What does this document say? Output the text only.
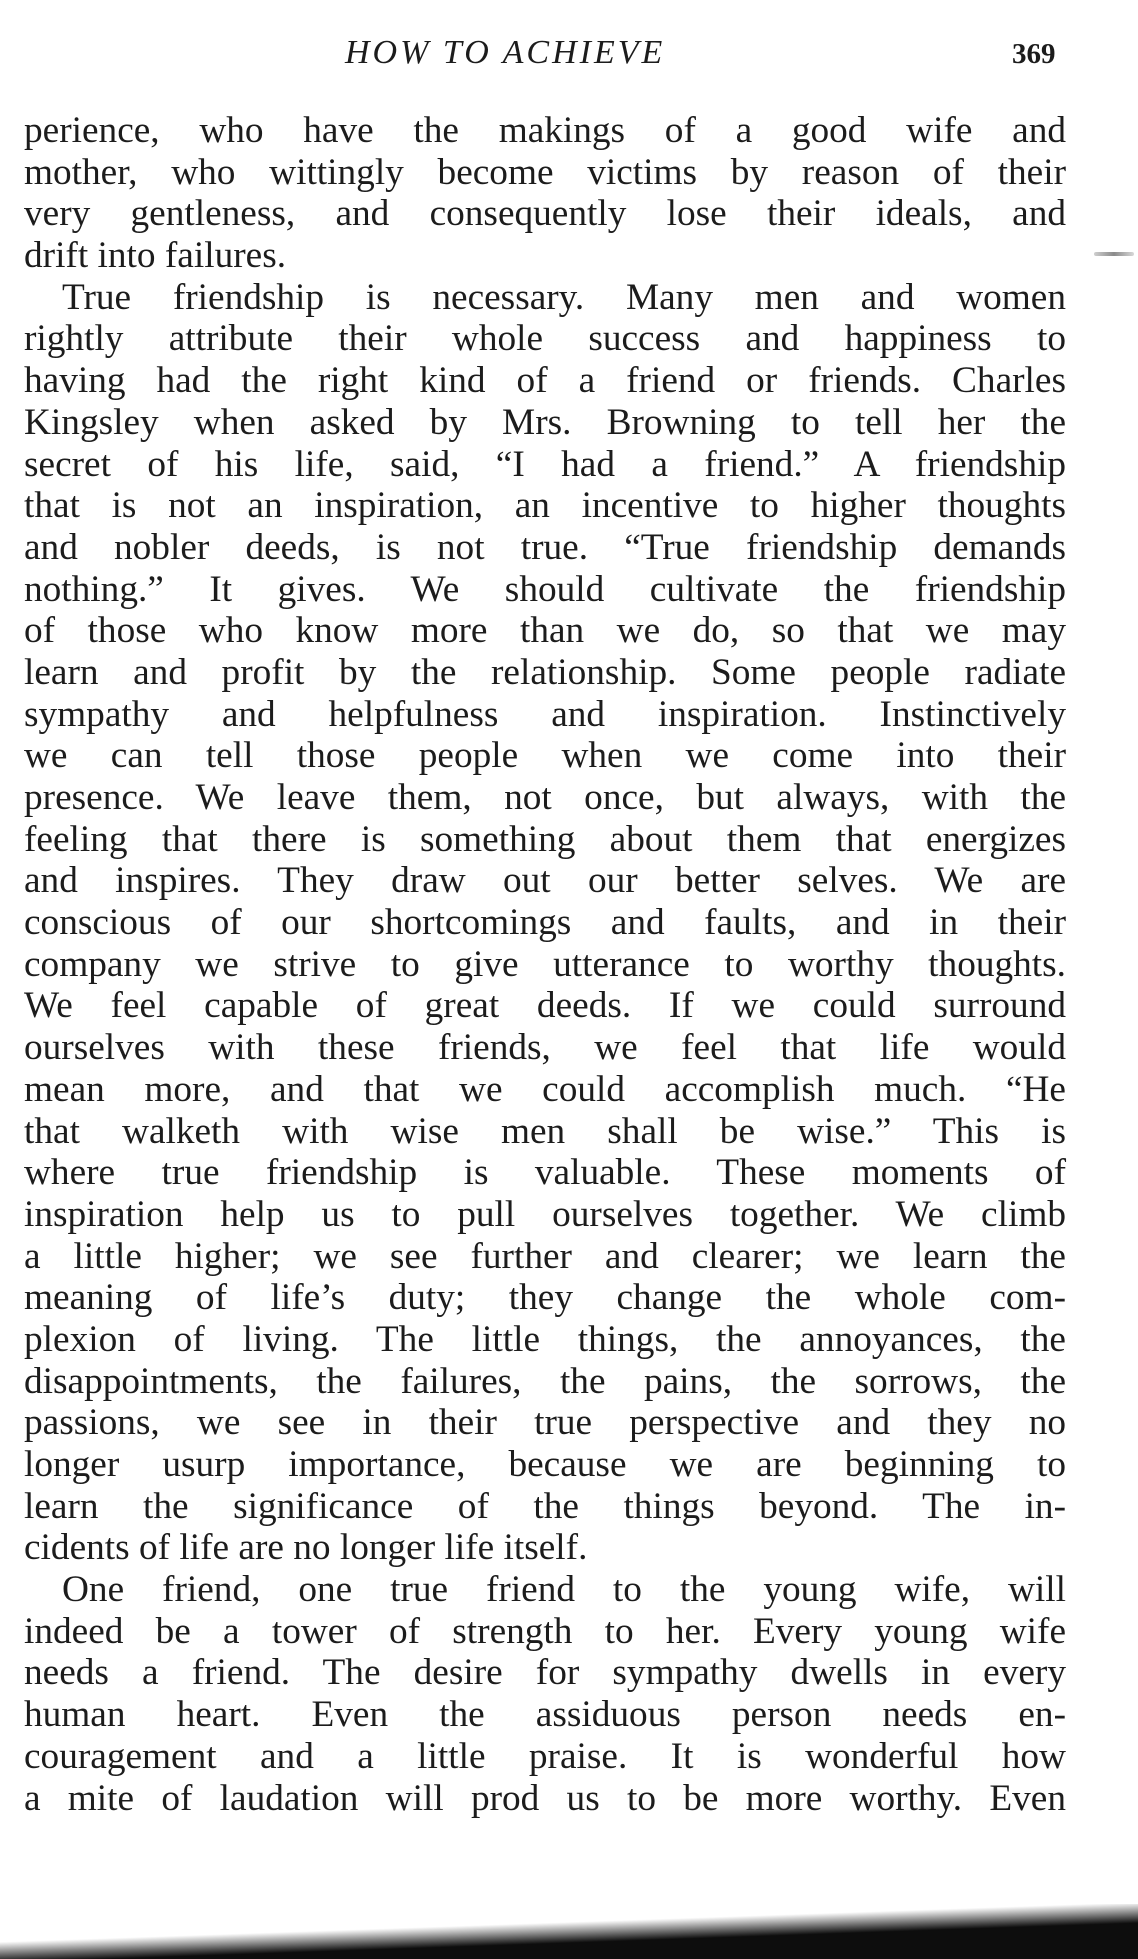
HOW TO ACHIEVE	369
perience, who have the makings of a good wife and
mother, who wittingly become victims by reason of their
very gentleness, and consequently lose their ideals, and
drift into failures.
True friendship is necessary. Many men and women
rightly attribute their whole success and happiness to
having had the right kind of a friend or friends. Charles
Kingsley when asked by Mrs. Browning to tell her the
secret of his life, said, “I had a friend.” A friendship
that is not an inspiration, an incentive to higher thoughts
and nobler deeds, is not true. “True friendship demands
nothing.” It gives. We should cultivate the friendship
of those who know more than we do, so that we may
learn and profit by the relationship. Some people radiate
sympathy and helpfulness and inspiration. Instinctively
we can tell those people when we come into their
presence. We leave them, not once, but always, with the
feeling that there is something about them that energizes
and inspires. They draw out our better selves. We are
conscious of our shortcomings and faults, and in their
company we strive to give utterance to worthy thoughts.
We feel capable of great deeds. If we could surround
ourselves with these friends, we feel that life would
mean more, and that we could accomplish much. “He
that walketh with wise men shall be wise.” This is
where true friendship is valuable. These moments of
inspiration help us to pull ourselves together. We climb
a little higher; we see further and clearer; we learn the
meaning of life’s duty; they change the whole com-
plexion of living. The little things, the annoyances, the
disappointments, the failures, the pains, the sorrows, the
passions, we see in their true perspective and they no
longer usurp importance, because we are beginning to
learn the significance of the things beyond. The in-
cidents of life are no longer life itself.
One friend, one true friend to the young wife, will
indeed be a tower of strength to her. Every young wife
needs a friend. The desire for sympathy dwells in every
human heart. Even the assiduous person needs en-
couragement and a little praise. It is wonderful how
a mite of laudation will prod us to be more worthy. Even
